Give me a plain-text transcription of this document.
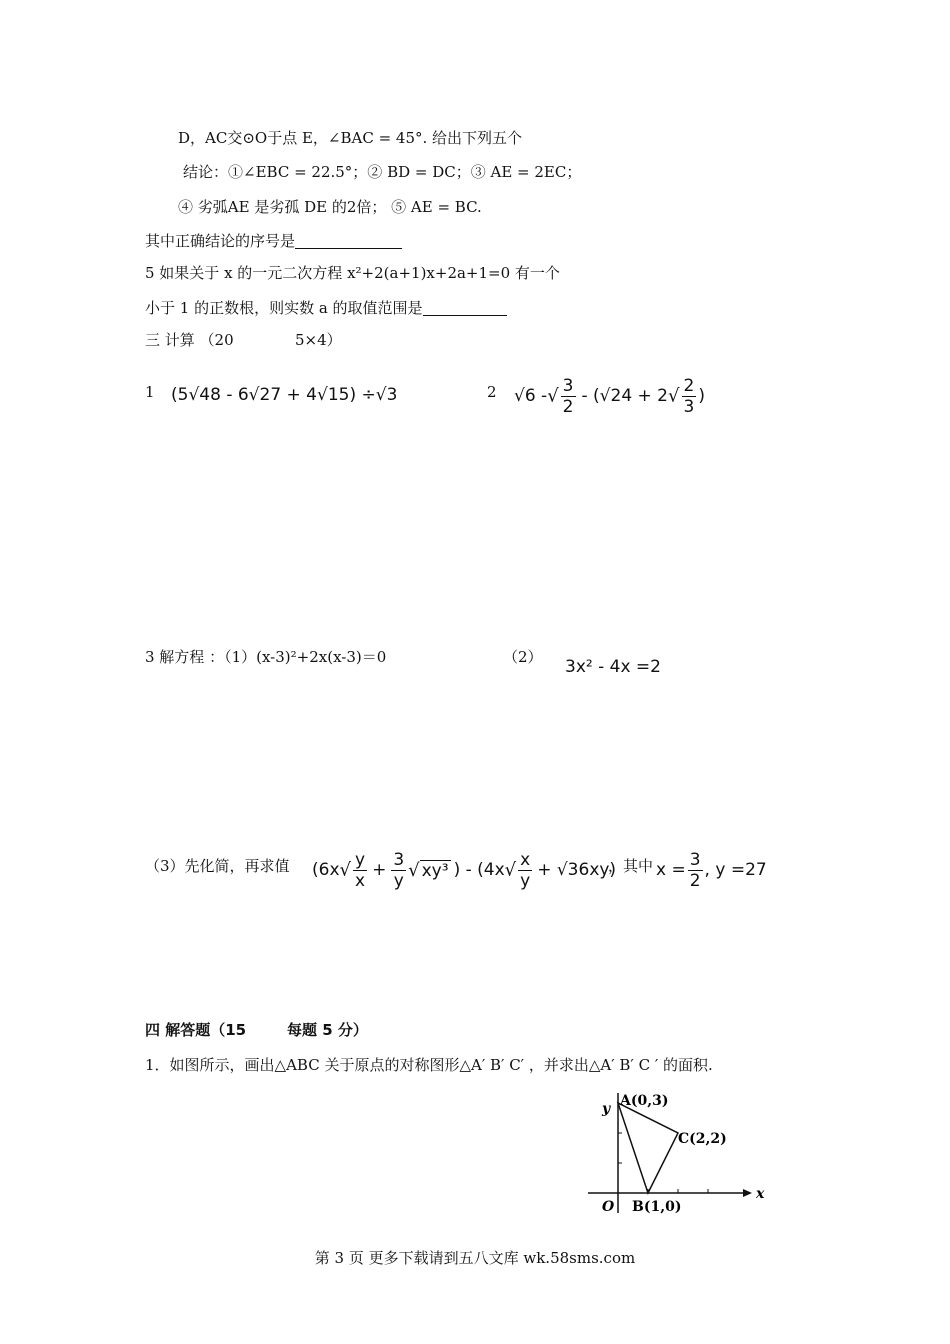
D，AC交⊙O于点 E，∠BAC = 45°. 给出下列五个
结论：①∠EBC = 22.5°；② BD = DC；③ AE = 2EC；
④ 劣弧AE 是劣孤 DE 的2倍； ⑤ AE = BC.
其中正确结论的序号是
5 如果关于 x 的一元二次方程 x²+2(a+1)x+2a+1=0 有一个
小于 1 的正数根，则实数 a 的取值范围是
三 计算 （20	5×4）
1 (5√48 - 6√27 + 4√15) ÷√3	2 √6 - √ $\frac{3}{2} - (√24 + 2$ √ $\frac{2}{3}$ )
3 解方程 ：（1）(x-3)²+2x(x-3)＝0	（2） 3x² - 4x =2
（3）先化简，再求值 (6x √ $\frac{y}{x} + \frac{3}{y}$ √ xy³ ) - (4x √ $\frac{x}{y} + √36xy$)
，其中 $x = \frac{3}{2}$ , y =27
四 解答题（15	每题 5 分）
1．如图所示，画出△ABC 关于原点的对称图形△A′ B′ C′ ，并求出△A′ B′ C ′ 的面积.
y
x
A(0,3)
C(2,2)
B(1,0)
O
第 3 页 更多下载请到五八文库 wk.58sms.com
